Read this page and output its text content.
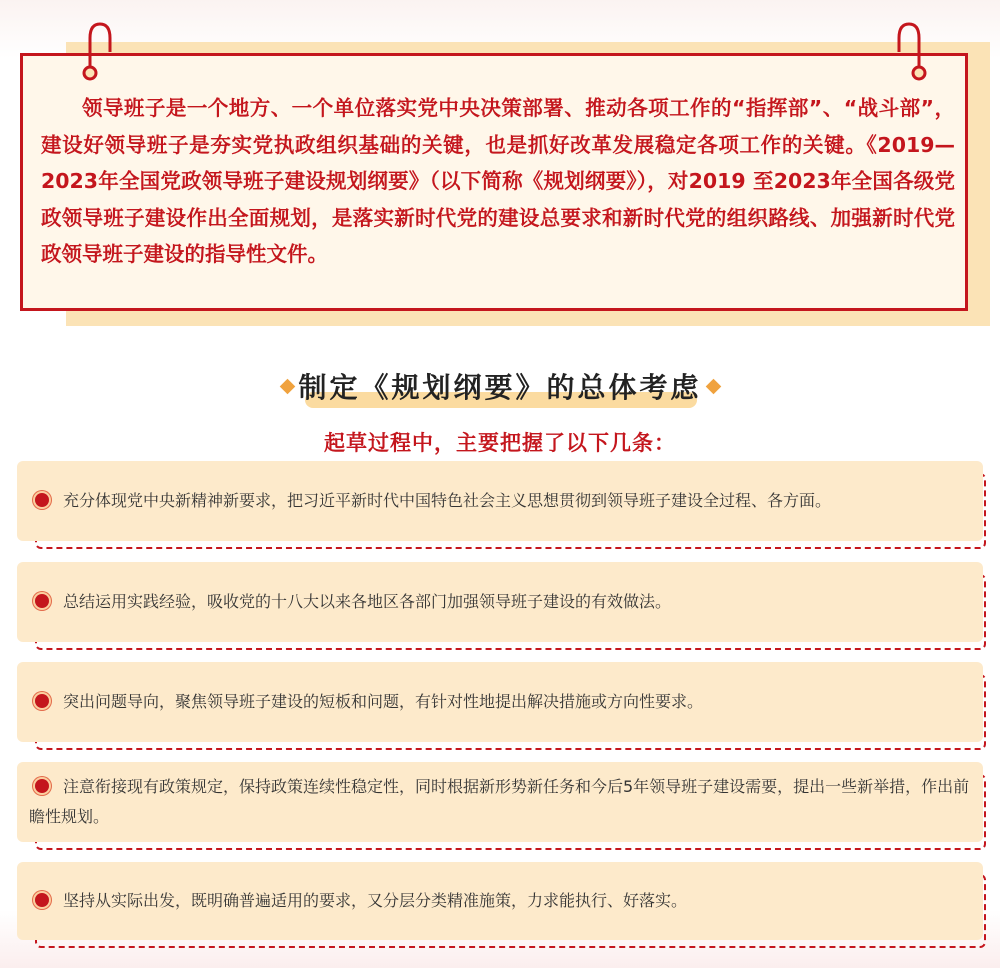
领导班子是一个地方、一个单位落实党中央决策部署、推动各项工作的“指挥部”、“战斗部”，建设好领导班子是夯实党执政组织基础的关键，也是抓好改革发展稳定各项工作的关键。《2019—2023年全国党政领导班子建设规划纲要》（以下简称《规划纲要》），对2019 至2023年全国各级党政领导班子建设作出全面规划，是落实新时代党的建设总要求和新时代党的组织路线、加强新时代党政领导班子建设的指导性文件。

制定《规划纲要》的总体考虑

起草过程中，主要把握了以下几条：

充分体现党中央新精神新要求，把习近平新时代中国特色社会主义思想贯彻到领导班子建设全过程、各方面。

总结运用实践经验，吸收党的十八大以来各地区各部门加强领导班子建设的有效做法。

突出问题导向，聚焦领导班子建设的短板和问题，有针对性地提出解决措施或方向性要求。

注意衔接现有政策规定，保持政策连续性稳定性，同时根据新形势新任务和今后5年领导班子建设需要，提出一些新举措，作出前瞻性规划。

坚持从实际出发，既明确普遍适用的要求，又分层分类精准施策，力求能执行、好落实。
